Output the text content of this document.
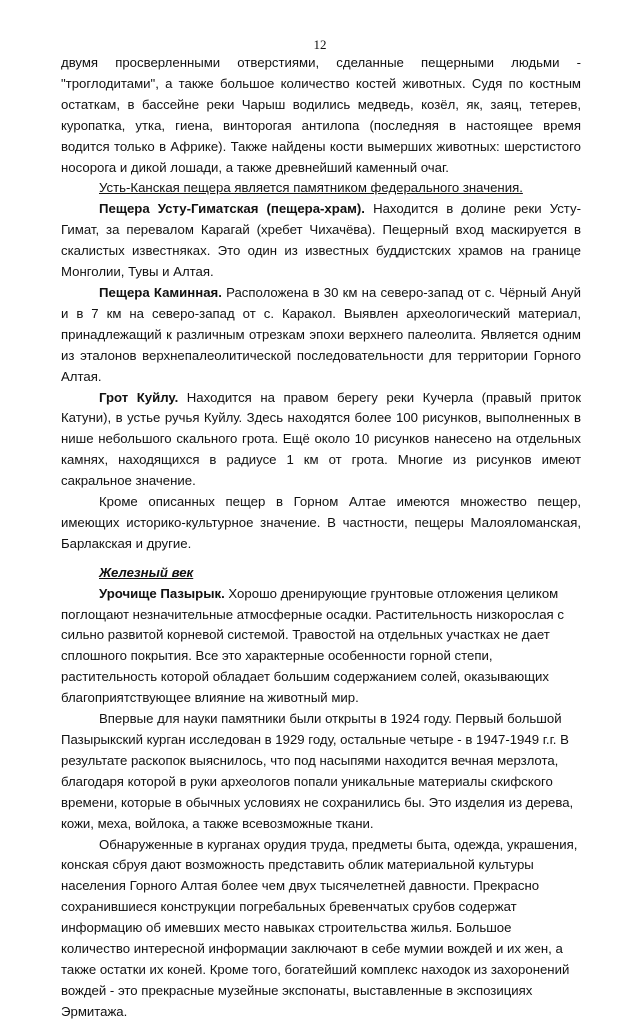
12

двумя просверленными отверстиями, сделанные пещерными людьми - "троглодитами", а также большое количество костей животных. Судя по костным остаткам, в бассейне реки Чарыш водились медведь, козёл, як, заяц, тетерев, куропатка, утка, гиена, винторогая антилопа (последняя в настоящее время водится только в Африке). Также найдены кости вымерших животных: шерстистого носорога и дикой лошади, а также древнейший каменный очаг.

Усть-Канская пещера является памятником федерального значения.

Пещера Усту-Гиматская (пещера-храм). Находится в долине реки Усту-Гимат, за перевалом Карагай (хребет Чихачёва). Пещерный вход маскируется в скалистых известняках. Это один из известных буддистских храмов на границе Монголии, Тувы и Алтая.

Пещера Каминная. Расположена в 30 км на северо-запад от с. Чёрный Ануй и в 7 км на северо-запад от с. Каракол. Выявлен археологический материал, принадлежащий к различным отрезкам эпохи верхнего палеолита. Является одним из эталонов верхнепалеолитической последовательности для территории Горного Алтая.

Грот Куйлу. Находится на правом берегу реки Кучерла (правый приток Катуни), в устье ручья Куйлу. Здесь находятся более 100 рисунков, выполненных в нише небольшого скального грота. Ещё около 10 рисунков нанесено на отдельных камнях, находящихся в радиусе 1 км от грота. Многие из рисунков имеют сакральное значение.

Кроме описанных пещер в Горном Алтае имеются множество пещер, имеющих историко-культурное значение. В частности, пещеры Малояломанская, Барлакская и другие.

Железный век

Урочище Пазырык. Хорошо дренирующие грунтовые отложения целиком поглощают незначительные атмосферные осадки. Растительность низкорослая с сильно развитой корневой системой. Травостой на отдельных участках не дает сплошного покрытия. Все это характерные особенности горной степи, растительность которой обладает большим содержанием солей, оказывающих благоприятствующее влияние на животный мир.

Впервые для науки памятники были открыты в 1924 году. Первый большой Пазырыкский курган исследован в 1929 году, остальные четыре - в 1947-1949 г.г. В результате раскопок выяснилось, что под насыпями находится вечная мерзлота, благодаря которой в руки археологов попали уникальные материалы скифского времени, которые в обычных условиях не сохранились бы. Это изделия из дерева, кожи, меха, войлока, а также всевозможные ткани.

Обнаруженные в курганах орудия труда, предметы быта, одежда, украшения, конская сбруя дают возможность представить облик материальной культуры населения Горного Алтая более чем двух тысячелетней давности. Прекрасно сохранившиеся конструкции погребальных бревенчатых срубов содержат информацию об имевших место навыках строительства жилья. Большое количество интересной информации заключают в себе мумии вождей и их жен, а также остатки их коней. Кроме того, богатейший комплекс находок из захоронений вождей - это прекрасные музейные экспонаты, выставленные в экспозициях Эрмитажа.
